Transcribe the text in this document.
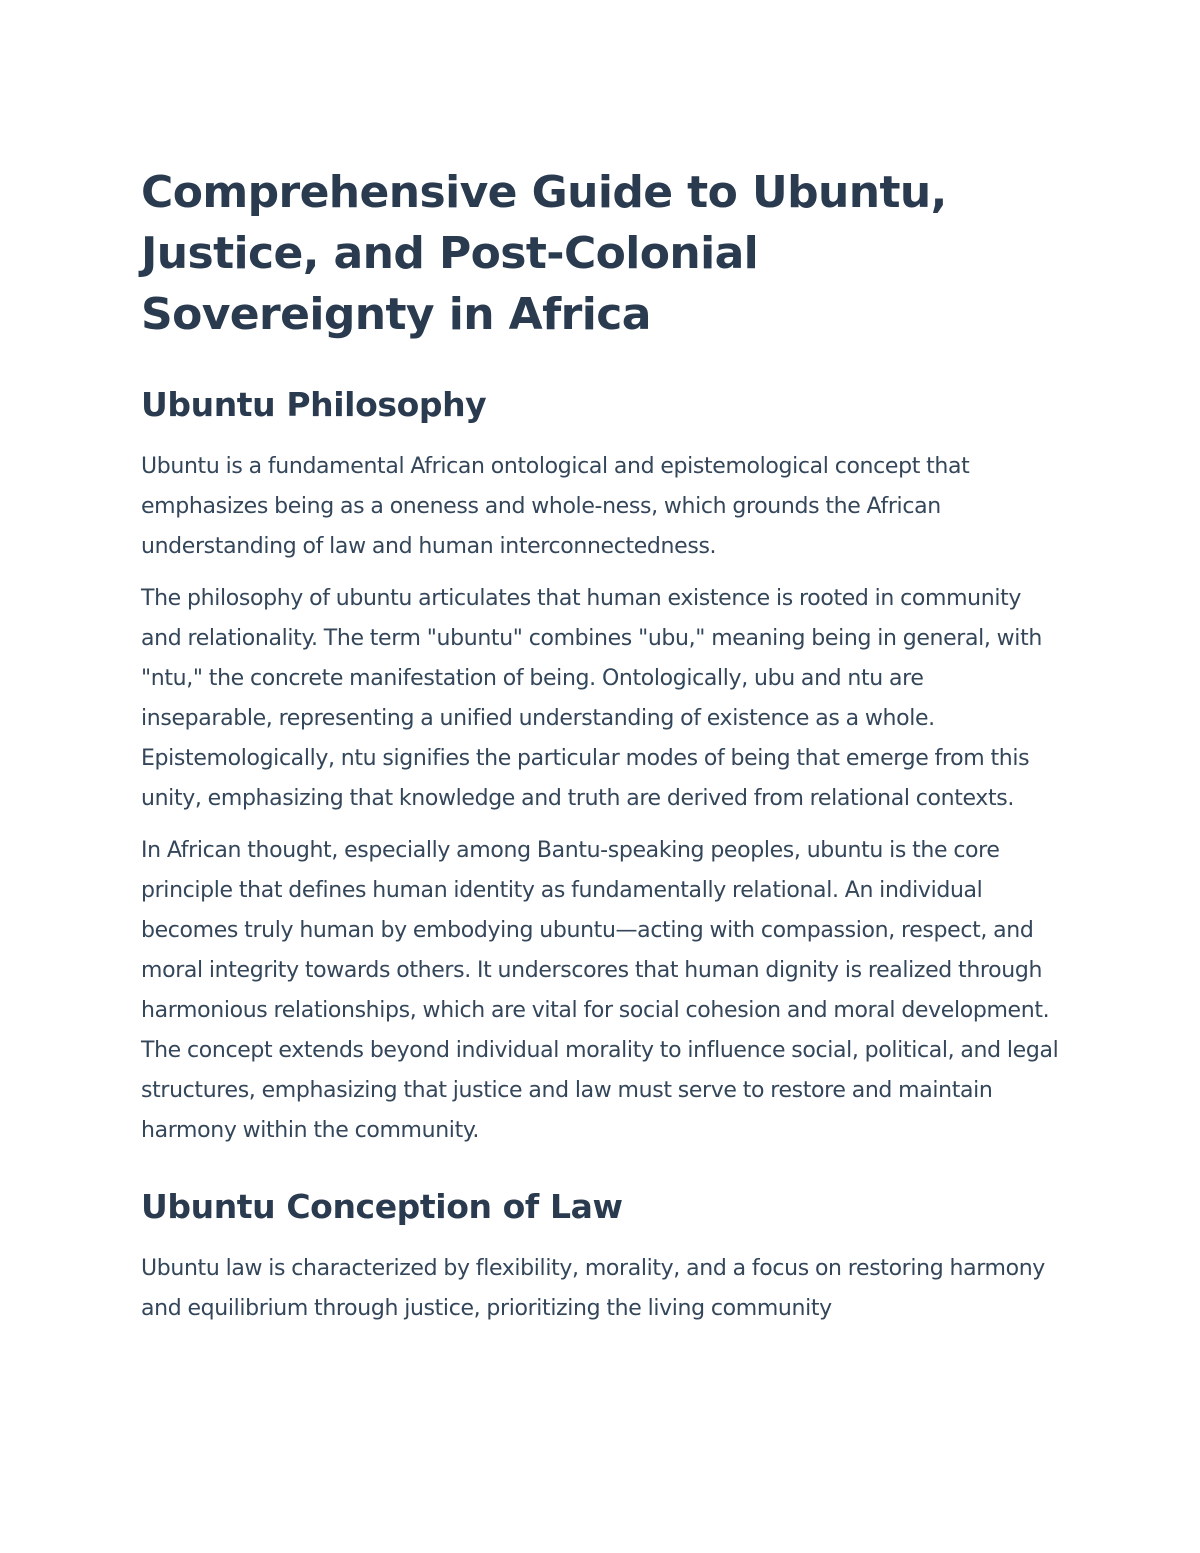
Comprehensive Guide to Ubuntu, Justice, and Post-Colonial Sovereignty in Africa
Ubuntu Philosophy

Ubuntu is a fundamental African ontological and epistemological concept that emphasizes being as a oneness and whole-ness, which grounds the African understanding of law and human interconnectedness.

The philosophy of ubuntu articulates that human existence is rooted in community and relationality. The term "ubuntu" combines "ubu," meaning being in general, with "ntu," the concrete manifestation of being. Ontologically, ubu and ntu are inseparable, representing a unified understanding of existence as a whole. Epistemologically, ntu signifies the particular modes of being that emerge from this unity, emphasizing that knowledge and truth are derived from relational contexts.

In African thought, especially among Bantu-speaking peoples, ubuntu is the core principle that defines human identity as fundamentally relational. An individual becomes truly human by embodying ubuntu—acting with compassion, respect, and moral integrity towards others. It underscores that human dignity is realized through harmonious relationships, which are vital for social cohesion and moral development. The concept extends beyond individual morality to influence social, political, and legal structures, emphasizing that justice and law must serve to restore and maintain harmony within the community.

Ubuntu Conception of Law

Ubuntu law is characterized by flexibility, morality, and a focus on restoring harmony and equilibrium through justice, prioritizing the living community
